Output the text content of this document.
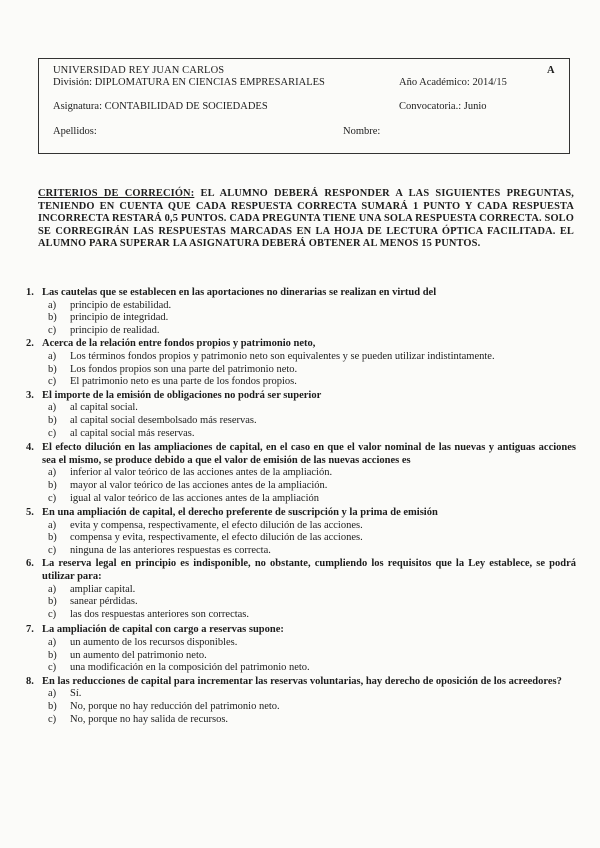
UNIVERSIDAD REY JUAN CARLOS
División: DIPLOMATURA EN CIENCIAS EMPRESARIALES	Año Académico: 2014/15
A
Asignatura: CONTABILIDAD DE SOCIEDADES	Convocatoria.: Junio
Apellidos:	Nombre:
CRITERIOS DE CORRECIÓN: EL ALUMNO DEBERÁ RESPONDER A LAS SIGUIENTES PREGUNTAS, TENIENDO EN CUENTA QUE CADA RESPUESTA CORRECTA SUMARÁ 1 PUNTO Y CADA RESPUESTA INCORRECTA RESTARÁ 0,5 PUNTOS. CADA PREGUNTA TIENE UNA SOLA RESPUESTA CORRECTA. SOLO SE CORREGIRÁN LAS RESPUESTAS MARCADAS EN LA HOJA DE LECTURA ÓPTICA FACILITADA. EL ALUMNO PARA SUPERAR LA ASIGNATURA DEBERÁ OBTENER AL MENOS 15 PUNTOS.
1. Las cautelas que se establecen en las aportaciones no dinerarias se realizan en virtud del
a)	principio de estabilidad.
b)	principio de integridad.
c)	principio de realidad.
2. Acerca de la relación entre fondos propios y patrimonio neto,
a)	Los términos fondos propios y patrimonio neto son equivalentes y se pueden utilizar indistintamente.
b)	Los fondos propios son una parte del patrimonio neto.
c)	El patrimonio neto es una parte de los fondos propios.
3. El importe de la emisión de obligaciones no podrá ser superior
a)	al capital social.
b)	al capital social desembolsado más reservas.
c)	al capital social más reservas.
4. El efecto dilución en las ampliaciones de capital, en el caso en que el valor nominal de las nuevas y antiguas acciones sea el mismo, se produce debido a que el valor de emisión de las nuevas acciones es
a)	inferior al valor teórico de las acciones antes de la ampliación.
b)	mayor al valor teórico de las acciones antes de la ampliación.
c)	igual al valor teórico de las acciones antes de la ampliación
5. En una ampliación de capital, el derecho preferente de suscripción y la prima de emisión
a)	evita y compensa, respectivamente, el efecto dilución de las acciones.
b)	compensa y evita, respectivamente, el efecto dilución de las acciones.
c)	ninguna de las anteriores respuestas es correcta.
6. La reserva legal en principio es indisponible, no obstante, cumpliendo los requisitos que la Ley establece, se podrá utilizar para:
a)	ampliar capital.
b)	sanear pérdidas.
c)	las dos respuestas anteriores son correctas.
7. La ampliación de capital con cargo a reservas supone:
a)	un aumento de los recursos disponibles.
b)	un aumento del patrimonio neto.
c)	una modificación en la composición del patrimonio neto.
8. En las reducciones de capital para incrementar las reservas voluntarias, hay derecho de oposición de los acreedores?
a)	Sí.
b)	No, porque no hay reducción del patrimonio neto.
c)	No, porque no hay salida de recursos.
